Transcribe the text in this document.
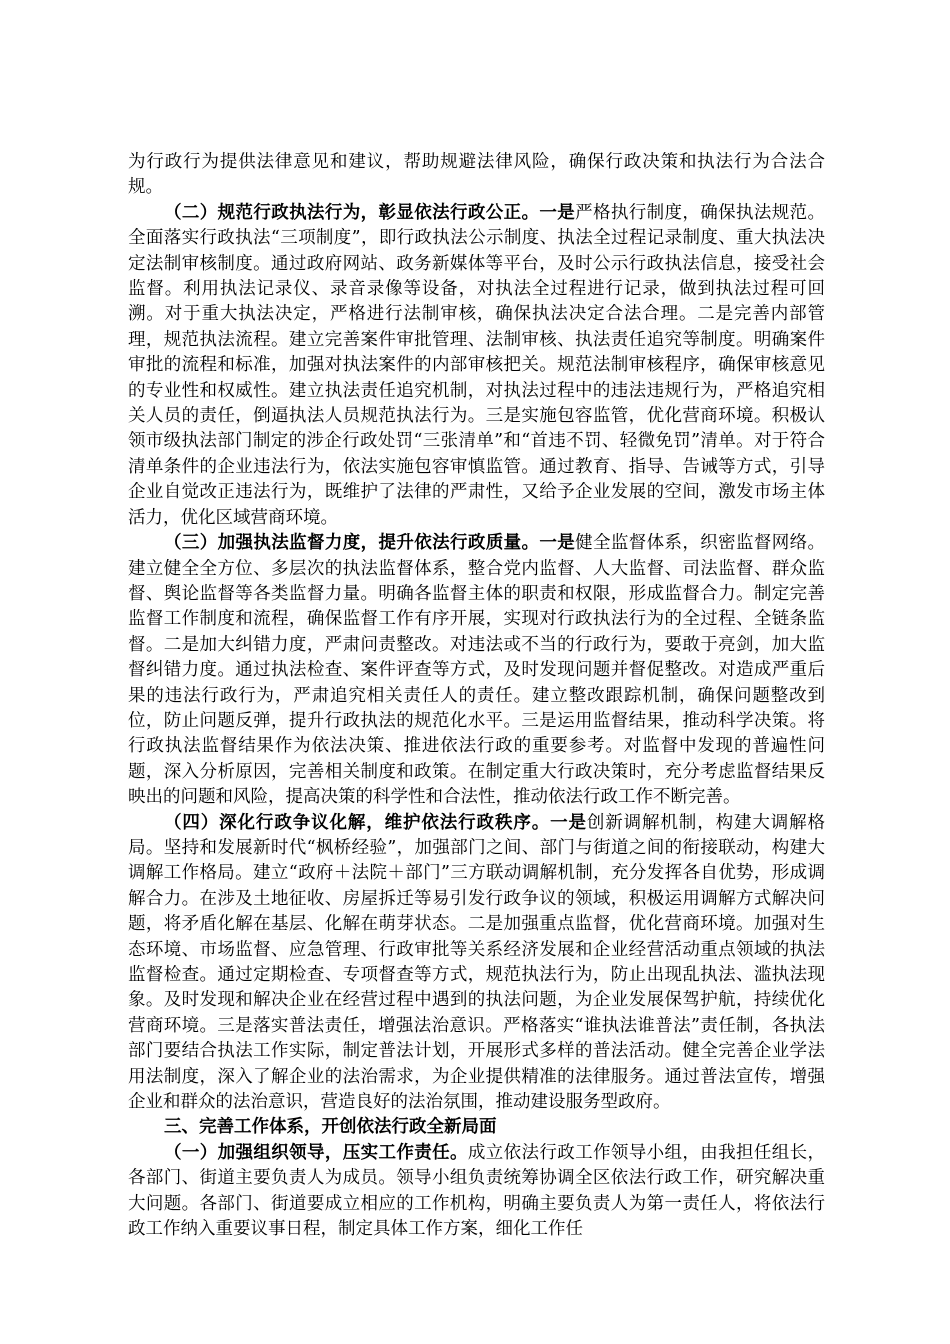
为行政行为提供法律意见和建议，帮助规避法律风险，确保行政决策和执法行为合法合规。

（二）规范行政执法行为，彰显依法行政公正。一是严格执行制度，确保执法规范。全面落实行政执法“三项制度”，即行政执法公示制度、执法全过程记录制度、重大执法决定法制审核制度。通过政府网站、政务新媒体等平台，及时公示行政执法信息，接受社会监督。利用执法记录仪、录音录像等设备，对执法全过程进行记录，做到执法过程可回溯。对于重大执法决定，严格进行法制审核，确保执法决定合法合理。二是完善内部管理，规范执法流程。建立完善案件审批管理、法制审核、执法责任追究等制度。明确案件审批的流程和标准，加强对执法案件的内部审核把关。规范法制审核程序，确保审核意见的专业性和权威性。建立执法责任追究机制，对执法过程中的违法违规行为，严格追究相关人员的责任，倒逼执法人员规范执法行为。三是实施包容监管，优化营商环境。积极认领市级执法部门制定的涉企行政处罚“三张清单”和“首违不罚、轻微免罚”清单。对于符合清单条件的企业违法行为，依法实施包容审慎监管。通过教育、指导、告诫等方式，引导企业自觉改正违法行为，既维护了法律的严肃性，又给予企业发展的空间，激发市场主体活力，优化区域营商环境。

（三）加强执法监督力度，提升依法行政质量。一是健全监督体系，织密监督网络。建立健全全方位、多层次的执法监督体系，整合党内监督、人大监督、司法监督、群众监督、舆论监督等各类监督力量。明确各监督主体的职责和权限，形成监督合力。制定完善监督工作制度和流程，确保监督工作有序开展，实现对行政执法行为的全过程、全链条监督。二是加大纠错力度，严肃问责整改。对违法或不当的行政行为，要敢于亮剑，加大监督纠错力度。通过执法检查、案件评查等方式，及时发现问题并督促整改。对造成严重后果的违法行政行为，严肃追究相关责任人的责任。建立整改跟踪机制，确保问题整改到位，防止问题反弹，提升行政执法的规范化水平。三是运用监督结果，推动科学决策。将行政执法监督结果作为依法决策、推进依法行政的重要参考。对监督中发现的普遍性问题，深入分析原因，完善相关制度和政策。在制定重大行政决策时，充分考虑监督结果反映出的问题和风险，提高决策的科学性和合法性，推动依法行政工作不断完善。

（四）深化行政争议化解，维护依法行政秩序。一是创新调解机制，构建大调解格局。坚持和发展新时代“枫桥经验”，加强部门之间、部门与街道之间的衔接联动，构建大调解工作格局。建立“政府＋法院＋部门”三方联动调解机制，充分发挥各自优势，形成调解合力。在涉及土地征收、房屋拆迁等易引发行政争议的领域，积极运用调解方式解决问题，将矛盾化解在基层、化解在萌芽状态。二是加强重点监督，优化营商环境。加强对生态环境、市场监督、应急管理、行政审批等关系经济发展和企业经营活动重点领域的执法监督检查。通过定期检查、专项督查等方式，规范执法行为，防止出现乱执法、滥执法现象。及时发现和解决企业在经营过程中遇到的执法问题，为企业发展保驾护航，持续优化营商环境。三是落实普法责任，增强法治意识。严格落实“谁执法谁普法”责任制，各执法部门要结合执法工作实际，制定普法计划，开展形式多样的普法活动。健全完善企业学法用法制度，深入了解企业的法治需求，为企业提供精准的法律服务。通过普法宣传，增强企业和群众的法治意识，营造良好的法治氛围，推动建设服务型政府。

三、完善工作体系，开创依法行政全新局面

（一）加强组织领导，压实工作责任。成立依法行政工作领导小组，由我担任组长，各部门、街道主要负责人为成员。领导小组负责统筹协调全区依法行政工作，研究解决重大问题。各部门、街道要成立相应的工作机构，明确主要负责人为第一责任人，将依法行政工作纳入重要议事日程，制定具体工作方案，细化工作任
